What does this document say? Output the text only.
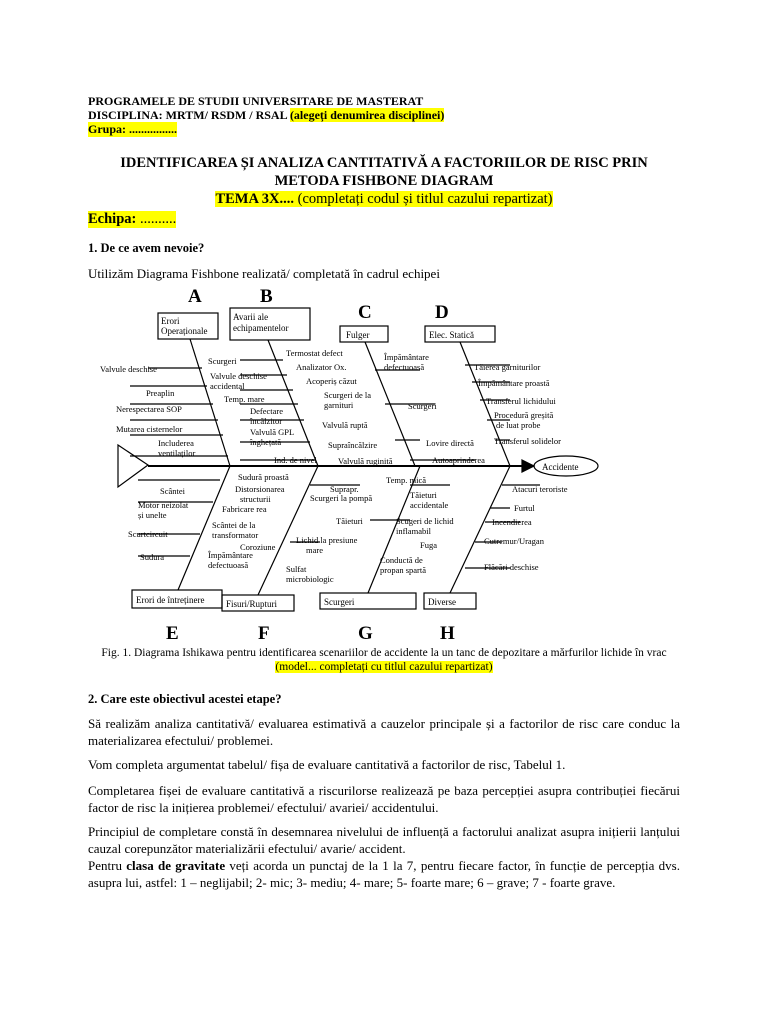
PROGRAMELE DE STUDII UNIVERSITARE DE MASTERAT
DISCIPLINA: MRTM/ RSDM / RSAL (alegeți denumirea disciplinei)
Grupa: ................
IDENTIFICAREA ȘI ANALIZA CANTITATIVĂ A FACTORIILOR DE RISC PRIN
METODA FISHBONE DIAGRAM
TEMA 3X.... (completați codul și titlul cazului repartizat)
Echipa: ..........
1. De ce avem nevoie?
Utilizăm Diagrama Fishbone realizată/ completată în cadrul echipei
A	B
C	D
E	F	G	H
Erori Operaționale
Avarii ale echipamentelor
Fulger	Elec. Statică
Erori de întreținere Fisuri/Rupturi	Scurgeri	Diverse
Accidente
Scurgeri
Valvule deschise
Preaplin
Nerespectarea SOP
Mutarea cisternelor
Includerea ventilaților
Termostat defect
Analizator Ox.
Valvule deschise accidental	Acoperiș căzut
Temp. mare
Defectare încălzitor
Valvulă GPL înghețată
Valvulă ruptă
Ind. de nivel
Împământare defectuoasă
Scurgeri de la garnituri	Scurgeri
Supraîncălzire	Lovire directă
Valvulă ruginită
Tăierea garniturilor
Împământare proastă
Transferul lichidului
Procedură greșită de luat probe
Transferul solidelor
Scântei
Motor neizolat și unelte
Scurtcircuit
Sudura
Sudură proastă
Fabricare rea
Scântei de la transformator
Împământare defectuoasă
Distorsionarea structurii
Suprapr.
Coroziune
Lichid la presiune mare
Sulfat microbiologic
Temp. mică
Scurgeri la pompă	Tăieturi accidentale
Tăieturi	Scugeri de lichid inflamabil
Fuga
Conductă de propan spartă
Autoaprinderea
Atacuri teroriste
Furtul
Incendierea
Cutremur/Uragan
Flăcări deschise
Fig. 1. Diagrama Ishikawa pentru identificarea scenariilor de accidente la un tanc de depozitare a mărfurilor lichide în vrac (model... completați cu titlul cazului repartizat)
2. Care este obiectivul acestei etape?
Să realizăm analiza cantitativă/ evaluarea estimativă a cauzelor principale și a factorilor de risc care conduc la materializarea efectului/ problemei.
Vom completa argumentat tabelul/ fișa de evaluare cantitativă a factorilor de risc, Tabelul 1.
Completarea fișei de evaluare cantitativă a riscurilorse realizează pe baza percepției asupra contribuției fiecărui factor de risc la inițierea problemei/ efectului/ avariei/ accidentului.
Principiul de completare constă în desemnarea nivelului de influență a factorului analizat asupra inițierii lanțului cauzal corepunzător materializării efectului/ avarie/ accident.
Pentru clasa de gravitate veți acorda un punctaj de la 1 la 7, pentru fiecare factor, în funcție de percepția dvs. asupra lui, astfel: 1 – neglijabil; 2- mic; 3- mediu; 4- mare; 5- foarte mare; 6 – grave; 7 - foarte grave.
